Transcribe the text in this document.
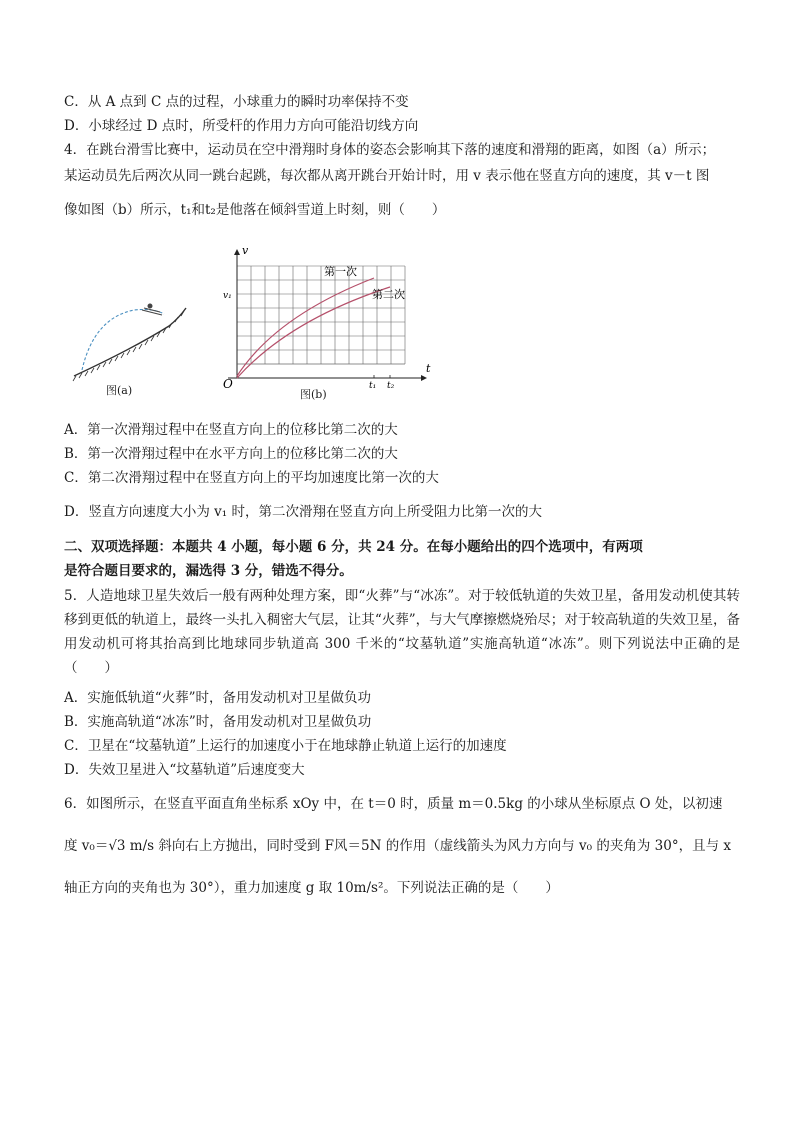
C．从 A 点到 C 点的过程，小球重力的瞬时功率保持不变
D．小球经过 D 点时，所受杆的作用力方向可能沿切线方向
4．在跳台滑雪比赛中，运动员在空中滑翔时身体的姿态会影响其下落的速度和滑翔的距离，如图（a）所示；
某运动员先后两次从同一跳台起跳，每次都从离开跳台开始计时，用 v 表示他在竖直方向的速度，其 v－t 图
像如图（b）所示，t₁和t₂是他落在倾斜雪道上时刻，则（　　）
图(a)
v
t
O
v₁
t₁ t₂
第一次
第二次
图(b)
A．第一次滑翔过程中在竖直方向上的位移比第二次的大
B．第一次滑翔过程中在水平方向上的位移比第二次的大
C．第二次滑翔过程中在竖直方向上的平均加速度比第一次的大
D．竖直方向速度大小为 v₁ 时，第二次滑翔在竖直方向上所受阻力比第一次的大
二、双项选择题：本题共 4 小题，每小题 6 分，共 24 分。在每小题给出的四个选项中，有两项
是符合题目要求的，漏选得 3 分，错选不得分。
5．人造地球卫星失效后一般有两种处理方案，即“火葬”与“冰冻”。对于较低轨道的失效卫星，备用发动机使其转移到更低的轨道上，最终一头扎入稠密大气层，让其“火葬”，与大气摩擦燃烧殆尽；对于较高轨道的失效卫星，备用发动机可将其抬高到比地球同步轨道高 300 千米的“坟墓轨道”实施高轨道“冰冻”。则下列说法中正确的是（　　）
A．实施低轨道“火葬”时，备用发动机对卫星做负功
B．实施高轨道“冰冻”时，备用发动机对卫星做负功
C．卫星在“坟墓轨道”上运行的加速度小于在地球静止轨道上运行的加速度
D．失效卫星进入“坟墓轨道”后速度变大
6．如图所示，在竖直平面直角坐标系 xOy 中，在 t＝0 时，质量 m＝0.5kg 的小球从坐标原点 O 处，以初速
度 v₀＝√3 m/s 斜向右上方抛出，同时受到 F风＝5N 的作用（虚线箭头为风力方向与 v₀ 的夹角为 30°，且与 x
轴正方向的夹角也为 30°），重力加速度 g 取 10m/s²。下列说法正确的是（　　）
